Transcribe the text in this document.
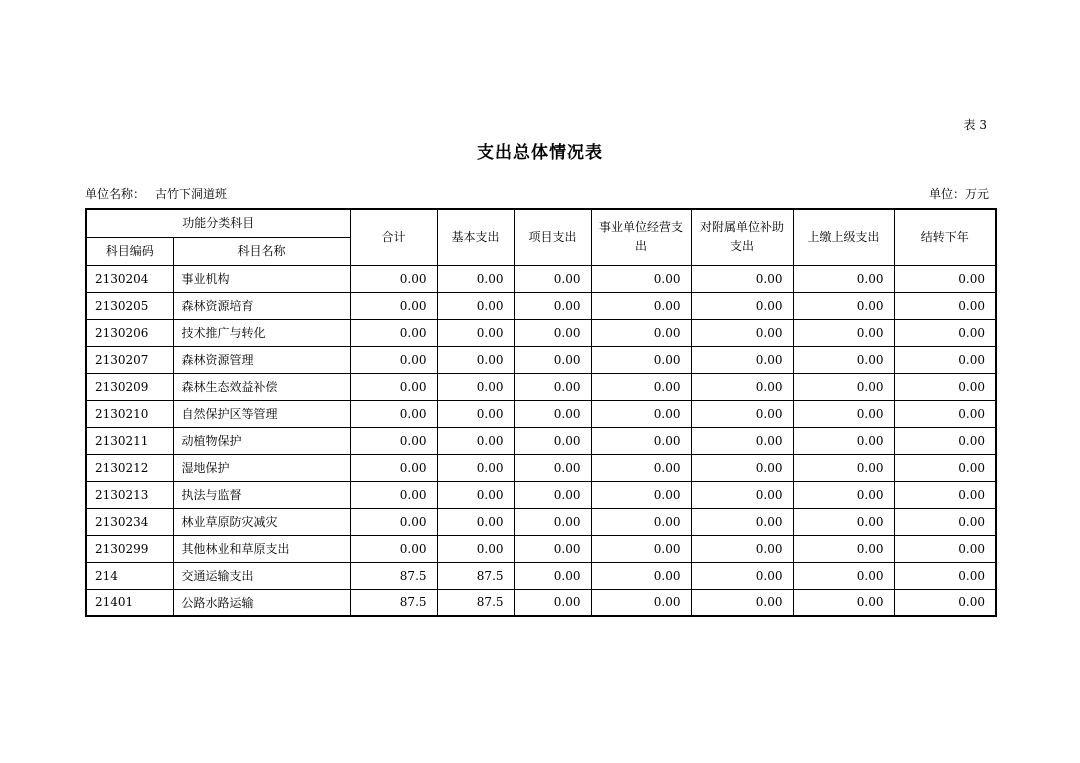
表 3
支出总体情况表
单位名称： 古竹下洞道班	单位：万元
功能分类科目		合计	基本支出	项目支出	事业单位经营支出	对附属单位补助支出	上缴上级支出	结转下年
科目编码	科目名称							
2130204	事业机构	0.00	0.00	0.00	0.00	0.00	0.00	0.00
2130205	森林资源培育	0.00	0.00	0.00	0.00	0.00	0.00	0.00
2130206	技术推广与转化	0.00	0.00	0.00	0.00	0.00	0.00	0.00
2130207	森林资源管理	0.00	0.00	0.00	0.00	0.00	0.00	0.00
2130209	森林生态效益补偿	0.00	0.00	0.00	0.00	0.00	0.00	0.00
2130210	自然保护区等管理	0.00	0.00	0.00	0.00	0.00	0.00	0.00
2130211	动植物保护	0.00	0.00	0.00	0.00	0.00	0.00	0.00
2130212	湿地保护	0.00	0.00	0.00	0.00	0.00	0.00	0.00
2130213	执法与监督	0.00	0.00	0.00	0.00	0.00	0.00	0.00
2130234	林业草原防灾减灾	0.00	0.00	0.00	0.00	0.00	0.00	0.00
2130299	其他林业和草原支出	0.00	0.00	0.00	0.00	0.00	0.00	0.00
214	交通运输支出	87.5	87.5	0.00	0.00	0.00	0.00	0.00
21401	公路水路运输	87.5	87.5	0.00	0.00	0.00	0.00	0.00
